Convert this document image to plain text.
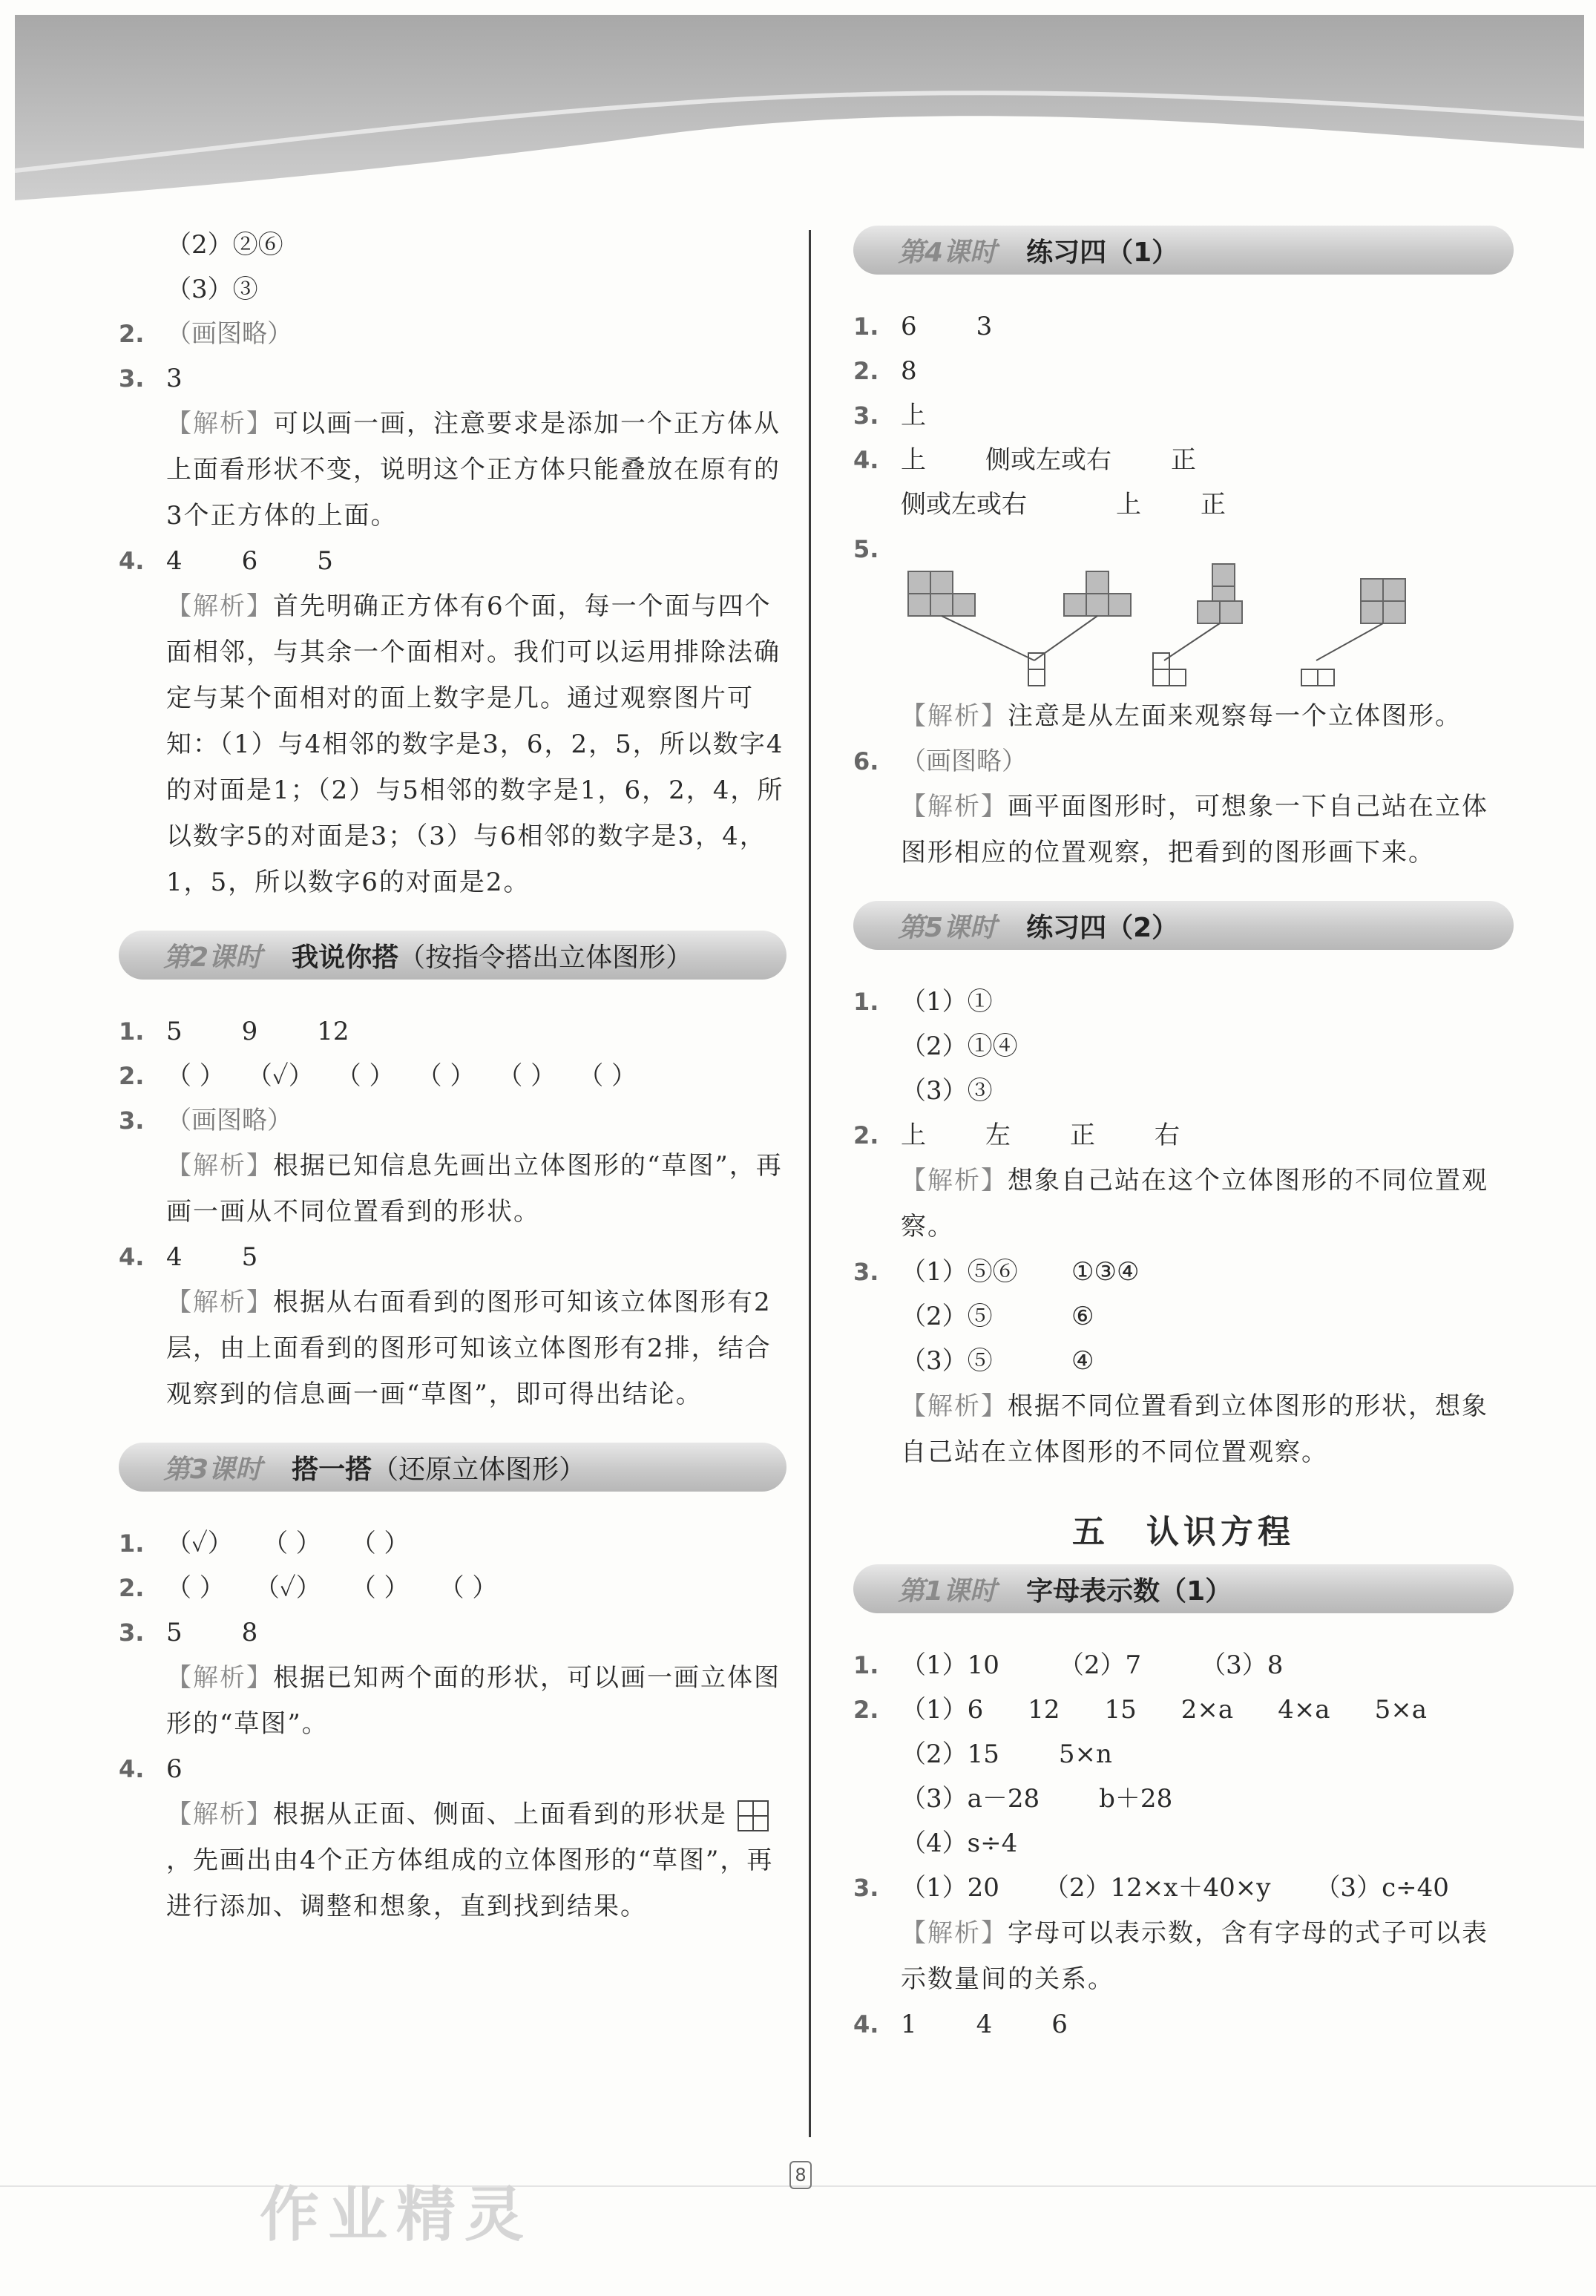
（2）②⑥
（3）③
2. （画图略）
3. 3
【解析】可以画一画，注意要求是添加一个正方体从上面看形状不变，说明这个正方体只能叠放在原有的3个正方体的上面。
4. 4 6 5
【解析】首先明确正方体有6个面，每一个面与四个面相邻，与其余一个面相对。我们可以运用排除法确定与某个面相对的面上数字是几。通过观察图片可知：（1）与4相邻的数字是3，6，2，5，所以数字4的对面是1；（2）与5相邻的数字是1，6，2，4，所以数字5的对面是3；（3）与6相邻的数字是3，4，1，5，所以数字6的对面是2。
第2课时 我说你搭 （按指令搭出立体图形）
1. 5 9 12
2. （ ） （✓） （ ） （ ） （ ） （ ）
3. （画图略）
【解析】根据已知信息先画出立体图形的“草图”，再画一画从不同位置看到的形状。
4. 4 5
【解析】根据从右面看到的图形可知该立体图形有2层，由上面看到的图形可知该立体图形有2排，结合观察到的信息画一画“草图”，即可得出结论。
第3课时 搭一搭 （还原立体图形）
1. （✓） （ ） （ ）
2. （ ） （✓） （ ） （ ）
3. 5 8
【解析】根据已知两个面的形状，可以画一画立体图形的“草图”。
4. 6
【解析】根据从正面、侧面、上面看到的形状是 ，先画出由4个正方体组成的立体图形的“草图”，再进行添加、调整和想象，直到找到结果。
第4课时 练习四（1）
1. 6 3
2. 8
3. 上
4. 上 侧或左或右 正
侧或左或右	上 正
5.
【解析】注意是从左面来观察每一个立体图形。
6. （画图略）
【解析】画平面图形时，可想象一下自己站在立体图形相应的位置观察，把看到的图形画下来。
第5课时 练习四（2）
1. （1）①
（2）①④
（3）③
2. 上 左 正 右
【解析】想象自己站在这个立体图形的不同位置观察。
3. （1）⑤⑥	①③④
（2）⑤	⑥
（3）⑤	④
【解析】根据不同位置看到立体图形的形状，想象自己站在立体图形的不同位置观察。
五　认识方程
第1课时 字母表示数（1）
1. （1）10 （2）7 （3）8
2. （1）6 12 15 2×a 4×a 5×a
（2）15 5×n
（3）a－28 b＋28
（4）s÷4
3. （1）20 （2）12×x＋40×y （3）c÷40
【解析】字母可以表示数，含有字母的式子可以表示数量间的关系。
4. 1 4 6
8
作业精灵
